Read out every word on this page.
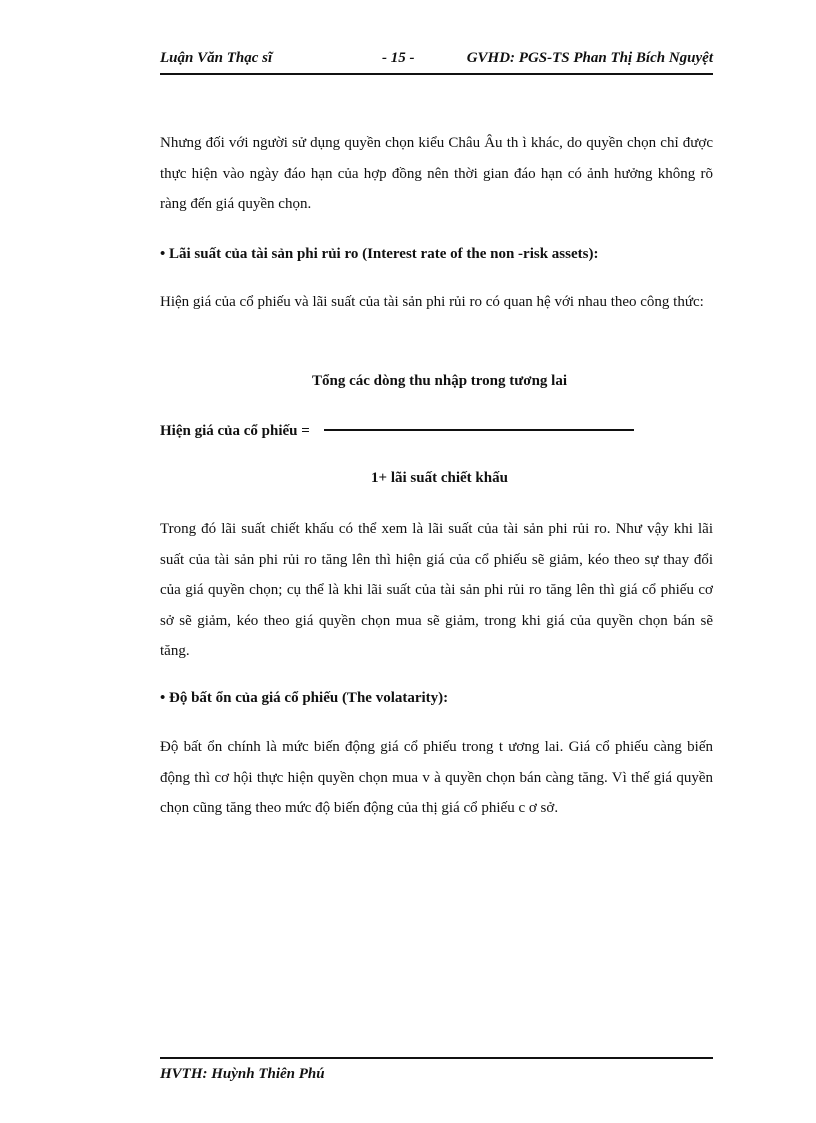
Luận Văn Thạc sĩ	- 15 -	GVHD: PGS-TS Phan Thị Bích Nguyệt

Nhưng đối với người sử dụng quyền chọn kiểu Châu Âu th ì khác, do quyền chọn chỉ được thực hiện vào ngày đáo hạn của hợp đồng nên thời gian đáo hạn có ảnh hưởng không rõ ràng đến giá quyền chọn.

• Lãi suất của tài sản phi rủi ro (Interest rate of the non -risk assets):

Hiện giá của cổ phiếu và lãi suất của tài sản phi rủi ro có quan hệ với nhau theo công thức:

Tổng các dòng thu nhập trong tương lai
Hiện giá của cổ phiếu =
1+ lãi suất chiết khấu

Trong đó lãi suất chiết khấu có thể xem là lãi suất của tài sản phi rủi ro. Như vậy khi lãi suất của tài sản phi rủi ro tăng lên thì hiện giá của cổ phiếu sẽ giảm, kéo theo sự thay đổi của giá quyền chọn; cụ thể là khi lãi suất của tài sản phi rủi ro tăng lên thì giá cổ phiếu cơ sở sẽ giảm, kéo theo giá quyền chọn mua sẽ giảm, trong khi giá của quyền chọn bán sẽ tăng.

• Độ bất ổn của giá cổ phiếu (The volatarity):

Độ bất ổn chính là mức biến động giá cổ phiếu trong t ương lai. Giá cổ phiếu càng biến động thì cơ hội thực hiện quyền chọn mua v à quyền chọn bán càng tăng. Vì thế giá quyền chọn cũng tăng theo mức độ biến động của thị giá cổ phiếu c ơ sở.

HVTH: Huỳnh Thiên Phú
